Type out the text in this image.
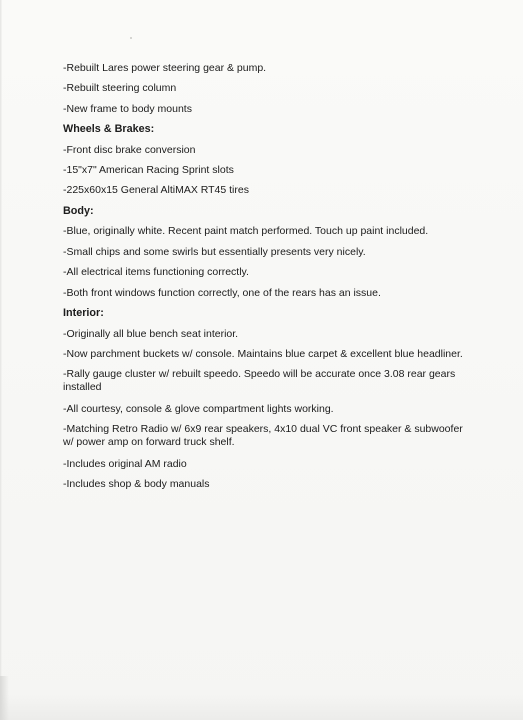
-Rebuilt Lares power steering gear & pump.
-Rebuilt steering column
-New frame to body mounts
Wheels & Brakes:
-Front disc brake conversion
-15"x7" American Racing Sprint slots
-225x60x15 General AltiMAX RT45 tires
Body:
-Blue, originally white. Recent paint match performed. Touch up paint included.
-Small chips and some swirls but essentially presents very nicely.
-All electrical items functioning correctly.
-Both front windows function correctly, one of the rears has an issue.
Interior:
-Originally all blue bench seat interior.
-Now parchment buckets w/ console. Maintains blue carpet & excellent blue headliner.
-Rally gauge cluster w/ rebuilt speedo. Speedo will be accurate once 3.08 rear gears installed
-All courtesy, console & glove compartment lights working.
-Matching Retro Radio w/ 6x9 rear speakers, 4x10 dual VC front speaker & subwoofer w/ power amp on forward truck shelf.
-Includes original AM radio
-Includes shop & body manuals
